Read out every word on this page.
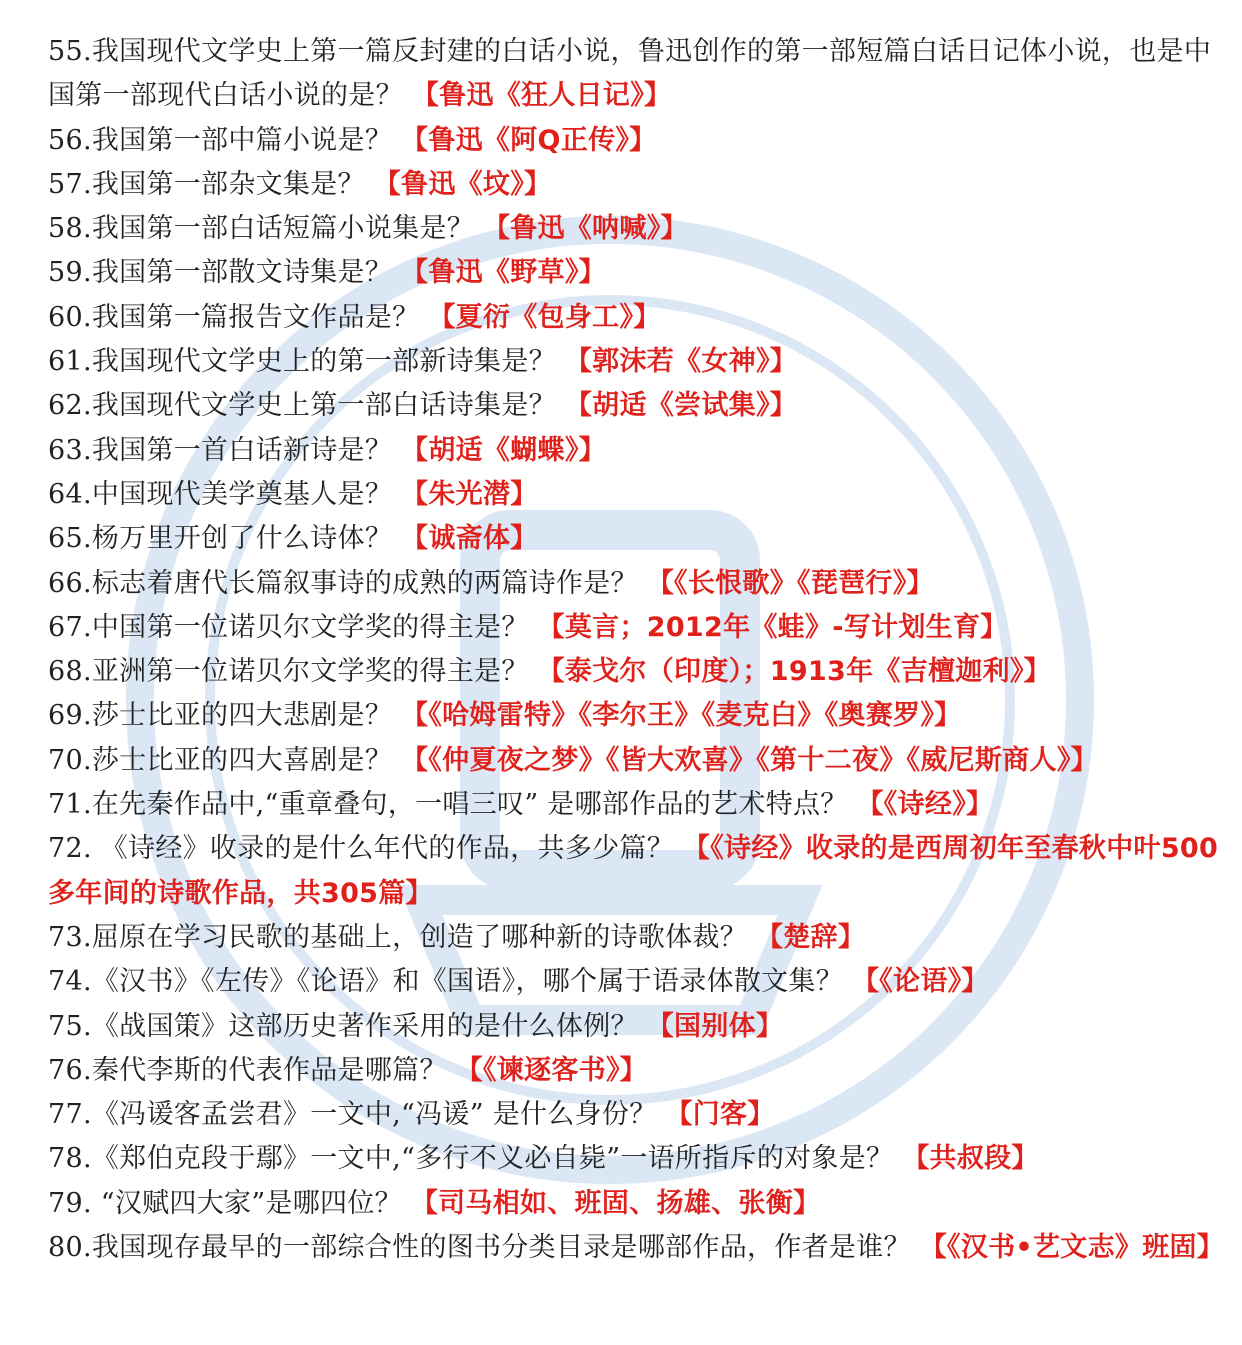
55.我国现代文学史上第一篇反封建的白话小说，鲁迅创作的第一部短篇白话日记体小说，也是中国第一部现代白话小说的是？ 【鲁迅《狂人日记》】
56.我国第一部中篇小说是？ 【鲁迅《阿Q正传》】
57.我国第一部杂文集是？ 【鲁迅《坟》】
58.我国第一部白话短篇小说集是？ 【鲁迅《呐喊》】
59.我国第一部散文诗集是？ 【鲁迅《野草》】
60.我国第一篇报告文作品是？ 【夏衍《包身工》】
61.我国现代文学史上的第一部新诗集是？ 【郭沫若《女神》】
62.我国现代文学史上第一部白话诗集是？ 【胡适《尝试集》】
63.我国第一首白话新诗是？ 【胡适《蝴蝶》】
64.中国现代美学奠基人是？ 【朱光潜】
65.杨万里开创了什么诗体？ 【诚斋体】
66.标志着唐代长篇叙事诗的成熟的两篇诗作是？ 【《长恨歌》《琵琶行》】
67.中国第一位诺贝尔文学奖的得主是？ 【莫言；2012年《蛙》-写计划生育】
68.亚洲第一位诺贝尔文学奖的得主是？ 【泰戈尔（印度）；1913年《吉檀迦利》】
69.莎士比亚的四大悲剧是？ 【《哈姆雷特》《李尔王》《麦克白》《奥赛罗》】
70.莎士比亚的四大喜剧是？ 【《仲夏夜之梦》《皆大欢喜》《第十二夜》《威尼斯商人》】
71.在先秦作品中,“重章叠句，一唱三叹” 是哪部作品的艺术特点？ 【《诗经》】
72. 《诗经》收录的是什么年代的作品，共多少篇？ 【《诗经》收录的是西周初年至春秋中叶500多年间的诗歌作品，共305篇】
73.屈原在学习民歌的基础上，创造了哪种新的诗歌体裁？ 【楚辞】
74.《汉书》《左传》《论语》和《国语》，哪个属于语录体散文集？ 【《论语》】
75.《战国策》这部历史著作采用的是什么体例？ 【国别体】
76.秦代李斯的代表作品是哪篇？ 【《谏逐客书》】
77.《冯谖客孟尝君》一文中,“冯谖” 是什么身份？ 【门客】
78.《郑伯克段于鄢》一文中,“多行不义必自毙”一语所指斥的对象是？ 【共叔段】
79. “汉赋四大家”是哪四位？ 【司马相如、班固、扬雄、张衡】
80.我国现存最早的一部综合性的图书分类目录是哪部作品，作者是谁？ 【《汉书•艺文志》班固】
